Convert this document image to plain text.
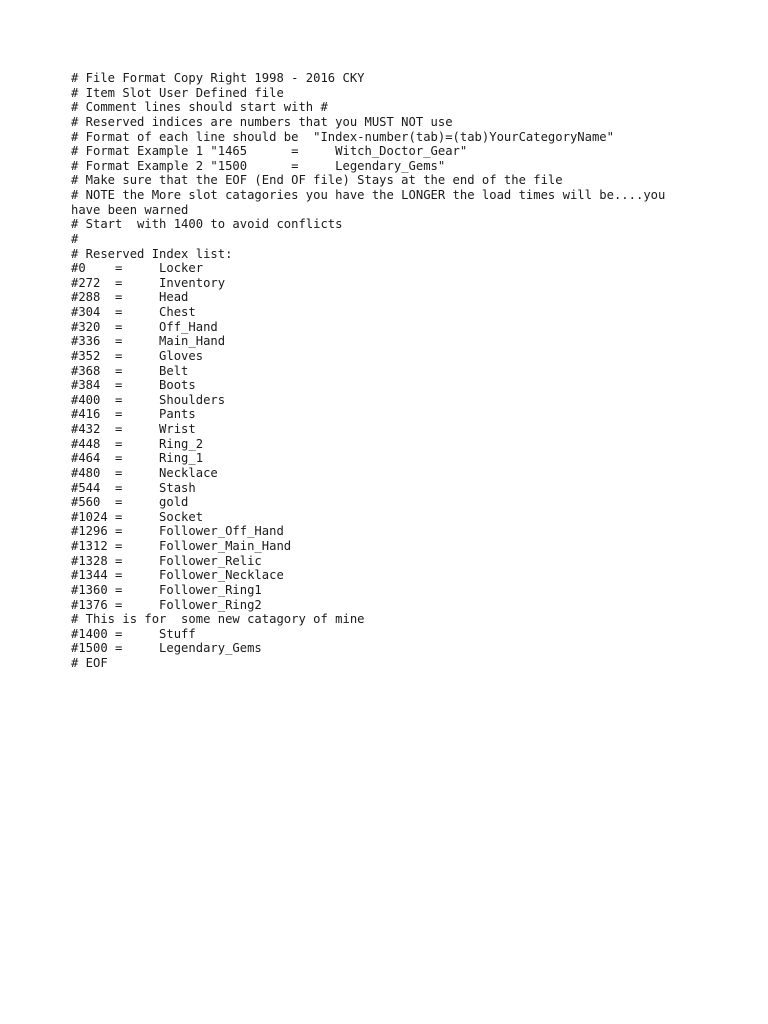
# File Format Copy Right 1998 - 2016 CKY
# Item Slot User Defined file
# Comment lines should start with #
# Reserved indices are numbers that you MUST NOT use
# Format of each line should be  "Index-number(tab)=(tab)YourCategoryName"
# Format Example 1 "1465      =     Witch_Doctor_Gear"
# Format Example 2 "1500      =     Legendary_Gems"
# Make sure that the EOF (End OF file) Stays at the end of the file
# NOTE the More slot catagories you have the LONGER the load times will be....you
have been warned
# Start  with 1400 to avoid conflicts
#
# Reserved Index list:
#0    =     Locker
#272  =     Inventory
#288  =     Head
#304  =     Chest
#320  =     Off_Hand
#336  =     Main_Hand
#352  =     Gloves
#368  =     Belt
#384  =     Boots
#400  =     Shoulders
#416  =     Pants
#432  =     Wrist
#448  =     Ring_2
#464  =     Ring_1
#480  =     Necklace
#544  =     Stash
#560  =     gold
#1024 =     Socket
#1296 =     Follower_Off_Hand
#1312 =     Follower_Main_Hand
#1328 =     Follower_Relic
#1344 =     Follower_Necklace
#1360 =     Follower_Ring1
#1376 =     Follower_Ring2
# This is for  some new catagory of mine
#1400 =     Stuff
#1500 =     Legendary_Gems
# EOF
